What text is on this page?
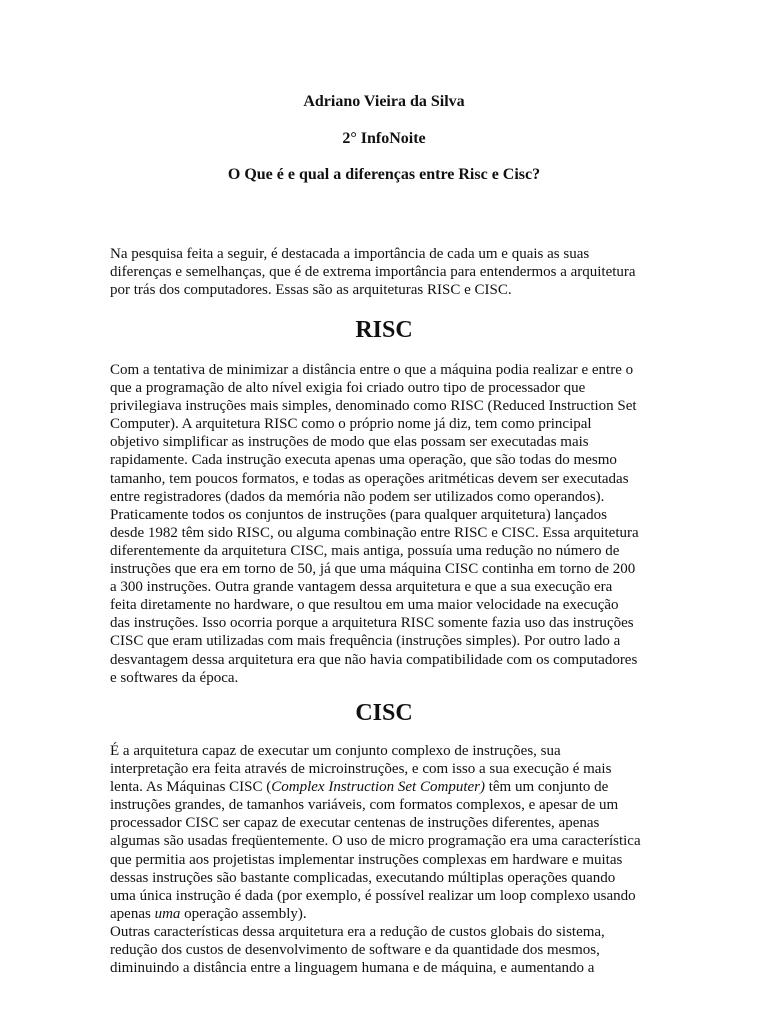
Adriano Vieira da Silva

2° InfoNoite

O Que é e qual a diferenças entre Risc e Cisc?

Na pesquisa feita a seguir, é destacada a importância de cada um e quais as suas
diferenças e semelhanças, que é de extrema importância para entendermos a arquitetura
por trás dos computadores. Essas são as arquiteturas RISC e CISC.

RISC

Com a tentativa de minimizar a distância entre o que a máquina podia realizar e entre o
que a programação de alto nível exigia foi criado outro tipo de processador que
privilegiava instruções mais simples, denominado como RISC (Reduced Instruction Set
Computer). A arquitetura RISC como o próprio nome já diz, tem como principal
objetivo simplificar as instruções de modo que elas possam ser executadas mais
rapidamente. Cada instrução executa apenas uma operação, que são todas do mesmo
tamanho, tem poucos formatos, e todas as operações aritméticas devem ser executadas
entre registradores (dados da memória não podem ser utilizados como operandos).
Praticamente todos os conjuntos de instruções (para qualquer arquitetura) lançados
desde 1982 têm sido RISC, ou alguma combinação entre RISC e CISC. Essa arquitetura
diferentemente da arquitetura CISC, mais antiga, possuía uma redução no número de
instruções que era em torno de 50, já que uma máquina CISC continha em torno de 200
a 300 instruções. Outra grande vantagem dessa arquitetura e que a sua execução era
feita diretamente no hardware, o que resultou em uma maior velocidade na execução
das instruções. Isso ocorria porque a arquitetura RISC somente fazia uso das instruções
CISC que eram utilizadas com mais frequência (instruções simples). Por outro lado a
desvantagem dessa arquitetura era que não havia compatibilidade com os computadores
e softwares da época.

CISC

É a arquitetura capaz de executar um conjunto complexo de instruções, sua
interpretação era feita através de microinstruções, e com isso a sua execução é mais
lenta. As Máquinas CISC (Complex Instruction Set Computer) têm um conjunto de
instruções grandes, de tamanhos variáveis, com formatos complexos, e apesar de um
processador CISC ser capaz de executar centenas de instruções diferentes, apenas
algumas são usadas freqüentemente. O uso de micro programação era uma característica
que permitia aos projetistas implementar instruções complexas em hardware e muitas
dessas instruções são bastante complicadas, executando múltiplas operações quando
uma única instrução é dada (por exemplo, é possível realizar um loop complexo usando
apenas uma operação assembly).
Outras características dessa arquitetura era a redução de custos globais do sistema,
redução dos custos de desenvolvimento de software e da quantidade dos mesmos,
diminuindo a distância entre a linguagem humana e de máquina, e aumentando a
